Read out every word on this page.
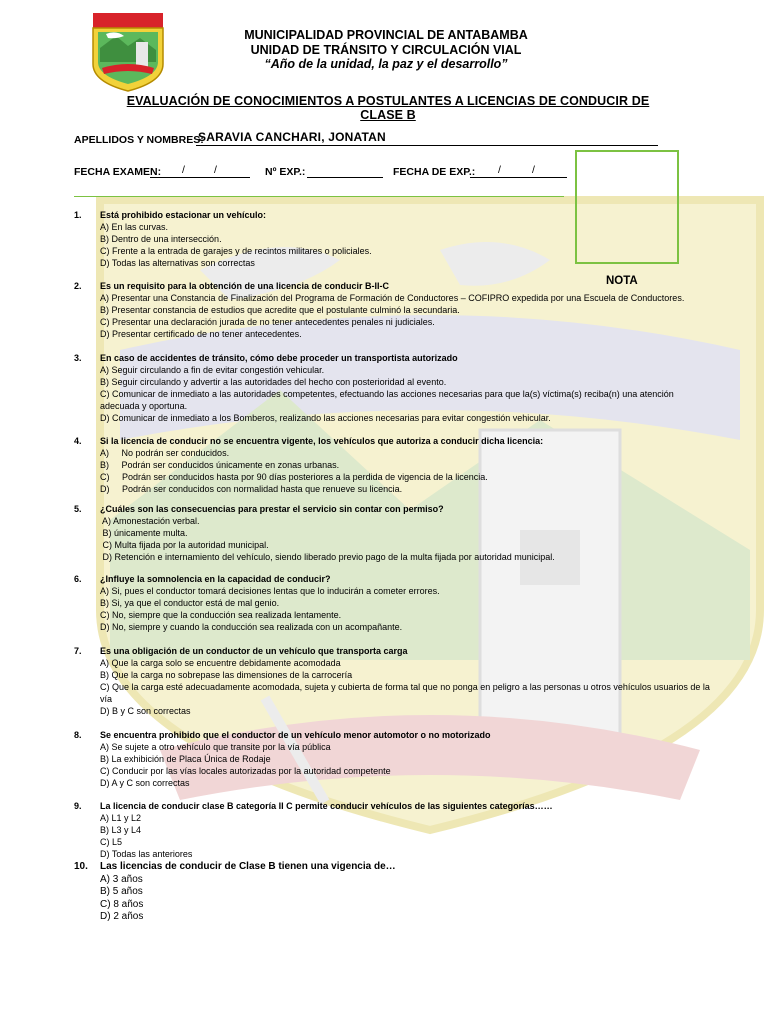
MUNICIPALIDAD PROVINCIAL DE ANTABAMBA
UNIDAD DE TRÁNSITO Y CIRCULACIÓN VIAL
“Año de la unidad, la paz y el desarrollo”
EVALUACIÓN DE CONOCIMIENTOS A POSTULANTES A LICENCIAS DE CONDUCIR DE CLASE B
APELLIDOS Y NOMBRES:
SARAVIA CANCHARI, JONATAN
FECHA EXAMEN: /	/	Nº EXP.:	FECHA DE EXP.: /	/
NOTA
1.	Está prohibido estacionar un vehículo:
A) En las curvas.
B) Dentro de una intersección.
C) Frente a la entrada de garajes y de recintos militares o policiales.
D) Todas las alternativas son correctas
2.	Es un requisito para la obtención de una licencia de conducir B-II-C
A) Presentar una Constancia de Finalización del Programa de Formación de Conductores – COFIPRO expedida por una Escuela de Conductores.
B) Presentar constancia de estudios que acredite que el postulante culminó la secundaria.
C) Presentar una declaración jurada de no tener antecedentes penales ni judiciales.
D) Presentar certificado de no tener antecedentes.
3.	En caso de accidentes de tránsito, cómo debe proceder un transportista autorizado
A) Seguir circulando a fin de evitar congestión vehicular.
B) Seguir circulando y advertir a las autoridades del hecho con posterioridad al evento.
C) Comunicar de inmediato a las autoridades competentes, efectuando las acciones necesarias para que la(s) víctima(s) reciba(n) una atención adecuada y oportuna.
D) Comunicar de inmediato a los Bomberos, realizando las acciones necesarias para evitar congestión vehicular.
4.	Si la licencia de conducir no se encuentra vigente, los vehículos que autoriza a conducir dicha licencia:
A)     No podrán ser conducidos.
B)     Podrán ser conducidos únicamente en zonas urbanas.
C)     Podrán ser conducidos hasta por 90 días posteriores a la perdida de vigencia de la licencia.
D)     Podrán ser conducidos con normalidad hasta que renueve su licencia.
5.	¿Cuáles son las consecuencias para prestar el servicio sin contar con permiso?
A) Amonestación verbal.
B) únicamente multa.
C) Multa fijada por la autoridad municipal.
D) Retención e internamiento del vehículo, siendo liberado previo pago de la multa fijada por autoridad municipal.
6.	¿Influye la somnolencia en la capacidad de conducir?
A) Si, pues el conductor tomará decisiones lentas que lo inducirán a cometer errores.
B) Si, ya que el conductor está de mal genio.
C) No, siempre que la conducción sea realizada lentamente.
D) No, siempre y cuando la conducción sea realizada con un acompañante.
7.	Es una obligación de un conductor de un vehículo que transporta carga
A) Que la carga solo se encuentre debidamente acomodada
B) Que la carga no sobrepase las dimensiones de la carrocería
C) Que la carga esté adecuadamente acomodada, sujeta y cubierta de forma tal que no ponga en peligro a las personas u otros vehículos usuarios de la vía
D) B y C son correctas
8.	Se encuentra prohibido que el conductor de un vehículo menor automotor o no motorizado
A) Se sujete a otro vehículo que transite por la vía pública
B) La exhibición de Placa Única de Rodaje
C) Conducir por las vías locales autorizadas por la autoridad competente
D) A y C son correctas
9.	La licencia de conducir clase B categoría II C permite conducir vehículos de las siguientes categorías……
A) L1 y L2
B) L3 y L4
C) L5
D) Todas las anteriores
10.	Las licencias de conducir de Clase B tienen una vigencia de…
A) 3 años
B) 5 años
C) 8 años
D) 2 años
